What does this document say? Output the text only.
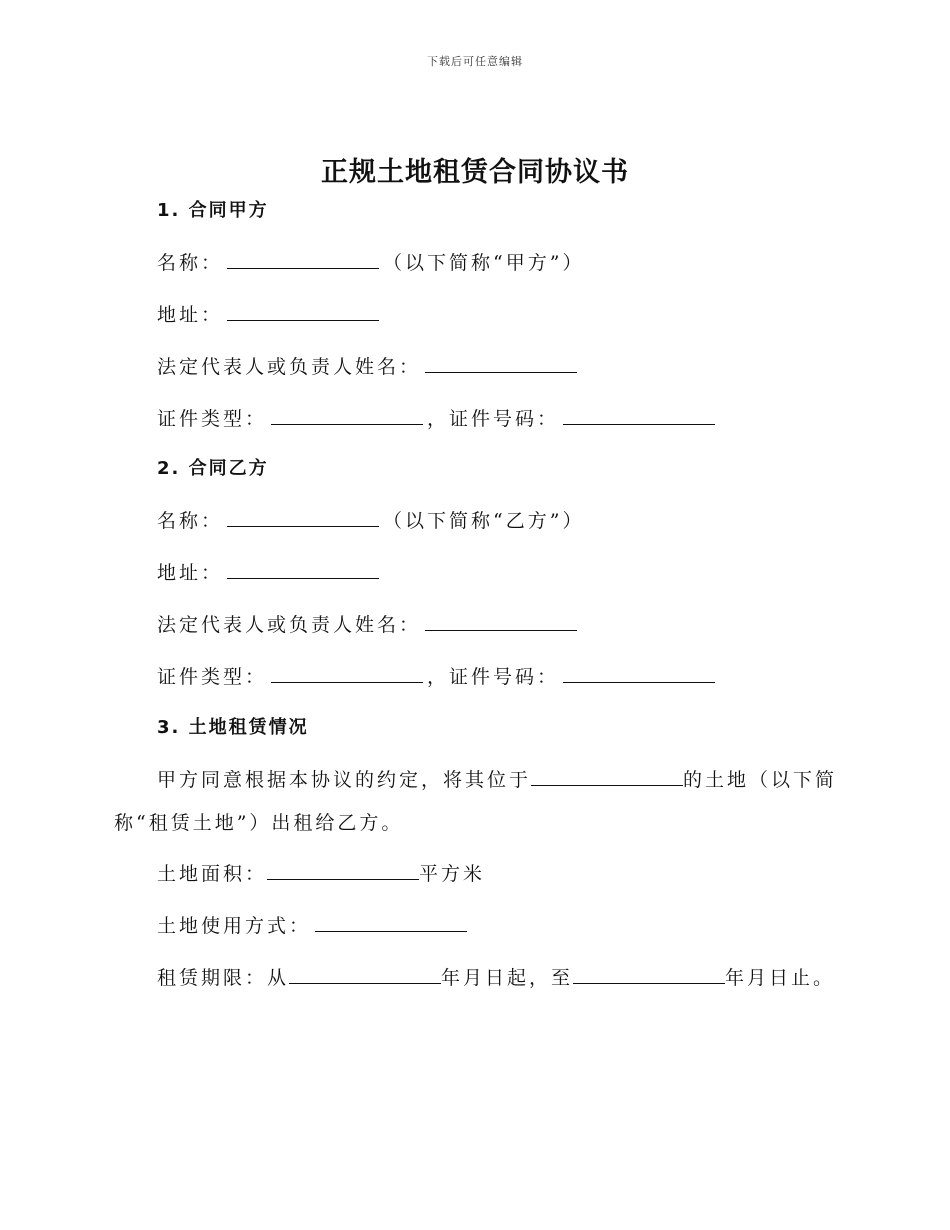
下载后可任意编辑
正规土地租赁合同协议书
1. 合同甲方
名称：	（以下简称“甲方”）
地址：
法定代表人或负责人姓名：
证件类型：	，证件号码：
2. 合同乙方
名称：	（以下简称“乙方”）
地址：
法定代表人或负责人姓名：
证件类型：	，证件号码：
3. 土地租赁情况
甲方同意根据本协议的约定，将其位于	的土地（以下简
称“租赁土地”）出租给乙方。
土地面积：	平方米
土地使用方式：
租赁期限：从	年月日起，至	年月日止。
